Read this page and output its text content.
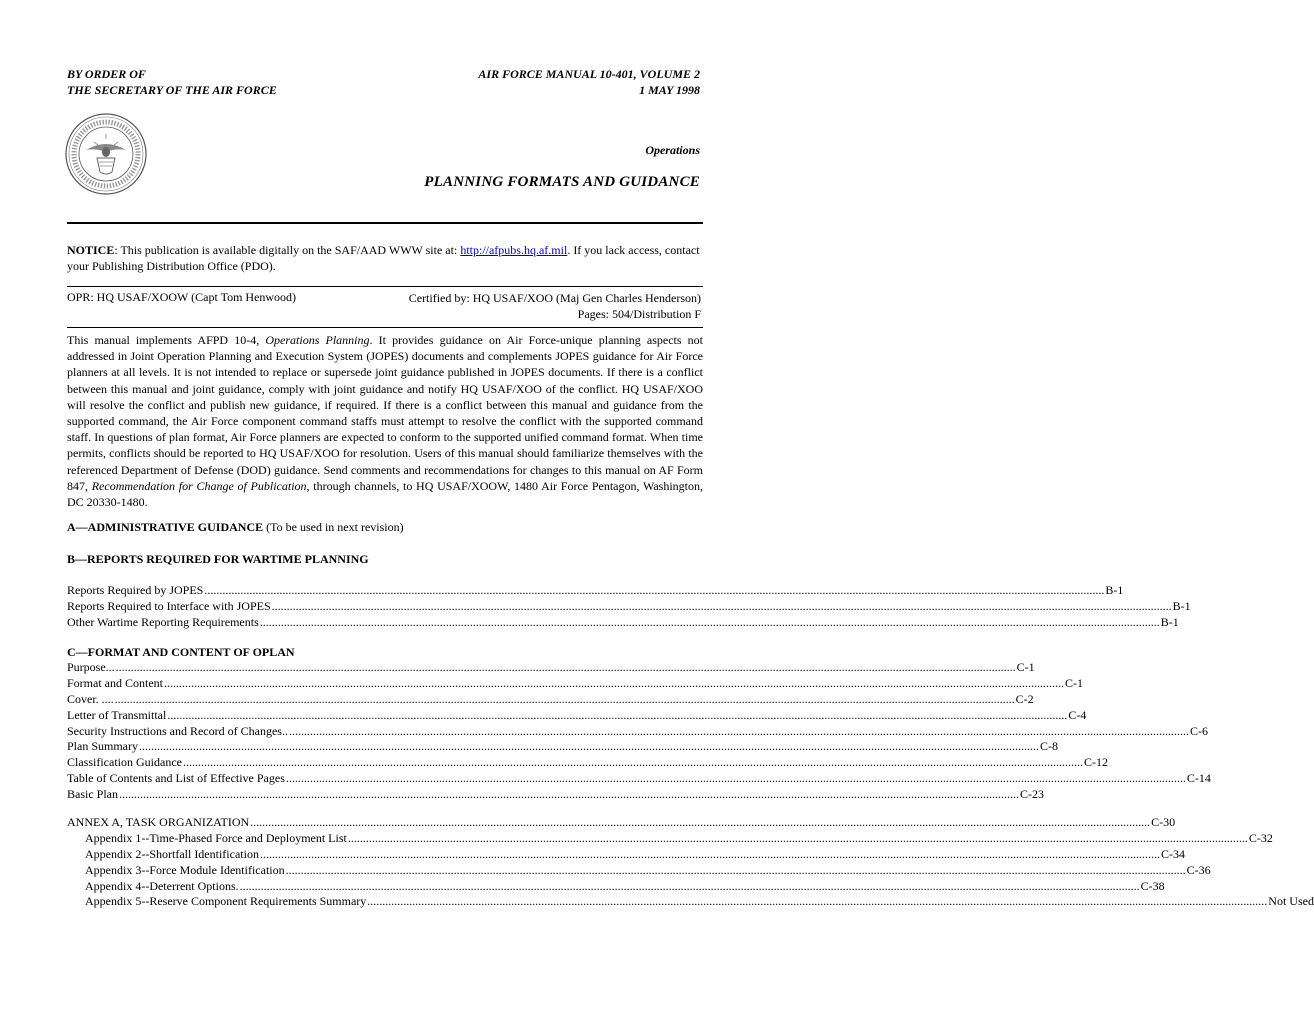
BY ORDER OF
THE SECRETARY OF THE AIR FORCE
AIR FORCE MANUAL 10-401, VOLUME 2
1 MAY 1998
Operations
PLANNING FORMATS AND GUIDANCE
NOTICE: This publication is available digitally on the SAF/AAD WWW site at: http://afpubs.hq.af.mil. If you lack access, contact your Publishing Distribution Office (PDO).
OPR: HQ USAF/XOOW (Capt Tom Henwood)	Certified by: HQ USAF/XOO (Maj Gen Charles Henderson)
Pages: 504/Distribution F
This manual implements AFPD 10-4, Operations Planning. It provides guidance on Air Force-unique planning aspects not addressed in Joint Operation Planning and Execution System (JOPES) documents and complements JOPES guidance for Air Force planners at all levels. It is not intended to replace or supersede joint guidance published in JOPES documents. If there is a conflict between this manual and joint guidance, comply with joint guidance and notify HQ USAF/XOO of the conflict. HQ USAF/XOO will resolve the conflict and publish new guidance, if required. If there is a conflict between this manual and guidance from the supported command, the Air Force component command staffs must attempt to resolve the conflict with the supported command staff. In questions of plan format, Air Force planners are expected to conform to the supported unified command format. When time permits, conflicts should be reported to HQ USAF/XOO for resolution. Users of this manual should familiarize themselves with the referenced Department of Defense (DOD) guidance. Send comments and recommendations for changes to this manual on AF Form 847, Recommendation for Change of Publication, through channels, to HQ USAF/XOOW, 1480 Air Force Pentagon, Washington, DC 20330-1480.
A—ADMINISTRATIVE GUIDANCE (To be used in next revision)
B—REPORTS REQUIRED FOR WARTIME PLANNING
Reports Required by JOPES ............................................................................................................................................................................................................................................................................................................ B-1
Reports Required to Interface with JOPES ............................................................................................................................................................................................................................................................................................................ B-1
Other Wartime Reporting Requirements ............................................................................................................................................................................................................................................................................................................ B-1
C—FORMAT AND CONTENT OF OPLAN
Purpose... ............................................................................................................................................................................................................................................................................................................ C-1
Format and Content ............................................................................................................................................................................................................................................................................................................ C-1
Cover. .... ............................................................................................................................................................................................................................................................................................................ C-2
Letter of Transmittal ............................................................................................................................................................................................................................................................................................................ C-4
Security Instructions and Record of Changes.. ............................................................................................................................................................................................................................................................................................................ C-6
Plan Summary ............................................................................................................................................................................................................................................................................................................ C-8
Classification Guidance ............................................................................................................................................................................................................................................................................................................ C-12
Table of Contents and List of Effective Pages ............................................................................................................................................................................................................................................................................................................ C-14
Basic Plan ............................................................................................................................................................................................................................................................................................................ C-23
ANNEX A, TASK ORGANIZATION ............................................................................................................................................................................................................................................................................................................ C-30
Appendix 1--Time-Phased Force and Deployment List ............................................................................................................................................................................................................................................................................................................ C-32
Appendix 2--Shortfall Identification ............................................................................................................................................................................................................................................................................................................ C-34
Appendix 3--Force Module Identification ............................................................................................................................................................................................................................................................................................................ C-36
Appendix 4--Deterrent Options. ............................................................................................................................................................................................................................................................................................................ C-38
Appendix 5--Reserve Component Requirements Summary ............................................................................................................................................................................................................................................................................................................ Not Used
